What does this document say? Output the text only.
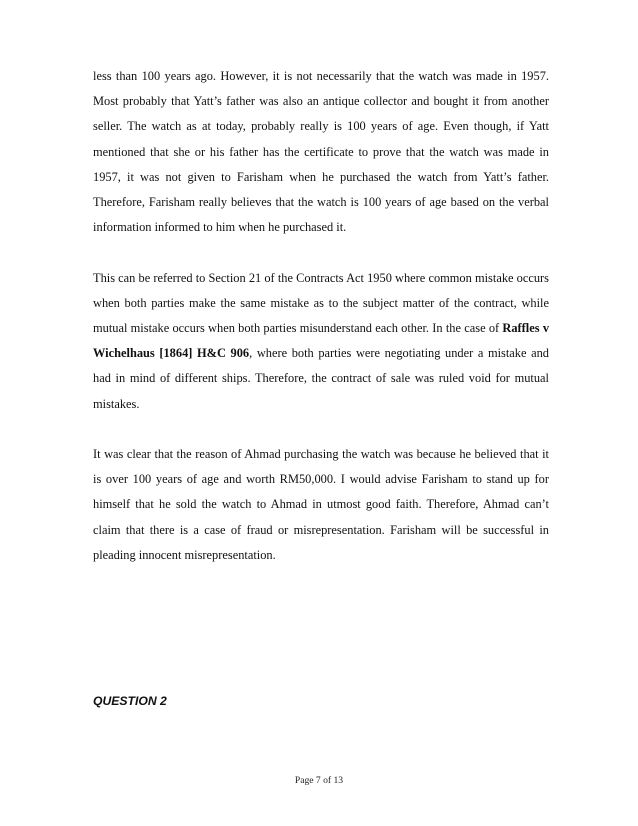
less than 100 years ago. However, it is not necessarily that the watch was made in 1957. Most probably that Yatt’s father was also an antique collector and bought it from another seller. The watch as at today, probably really is 100 years of age. Even though, if Yatt mentioned that she or his father has the certificate to prove that the watch was made in 1957, it was not given to Farisham when he purchased the watch from Yatt’s father. Therefore, Farisham really believes that the watch is 100 years of age based on the verbal information informed to him when he purchased it.

This can be referred to Section 21 of the Contracts Act 1950 where common mistake occurs when both parties make the same mistake as to the subject matter of the contract, while mutual mistake occurs when both parties misunderstand each other. In the case of Raffles v Wichelhaus [1864] H&C 906, where both parties were negotiating under a mistake and had in mind of different ships. Therefore, the contract of sale was ruled void for mutual mistakes.

It was clear that the reason of Ahmad purchasing the watch was because he believed that it is over 100 years of age and worth RM50,000. I would advise Farisham to stand up for himself that he sold the watch to Ahmad in utmost good faith. Therefore, Ahmad can’t claim that there is a case of fraud or misrepresentation. Farisham will be successful in pleading innocent misrepresentation.

QUESTION 2
Page 7 of 13
